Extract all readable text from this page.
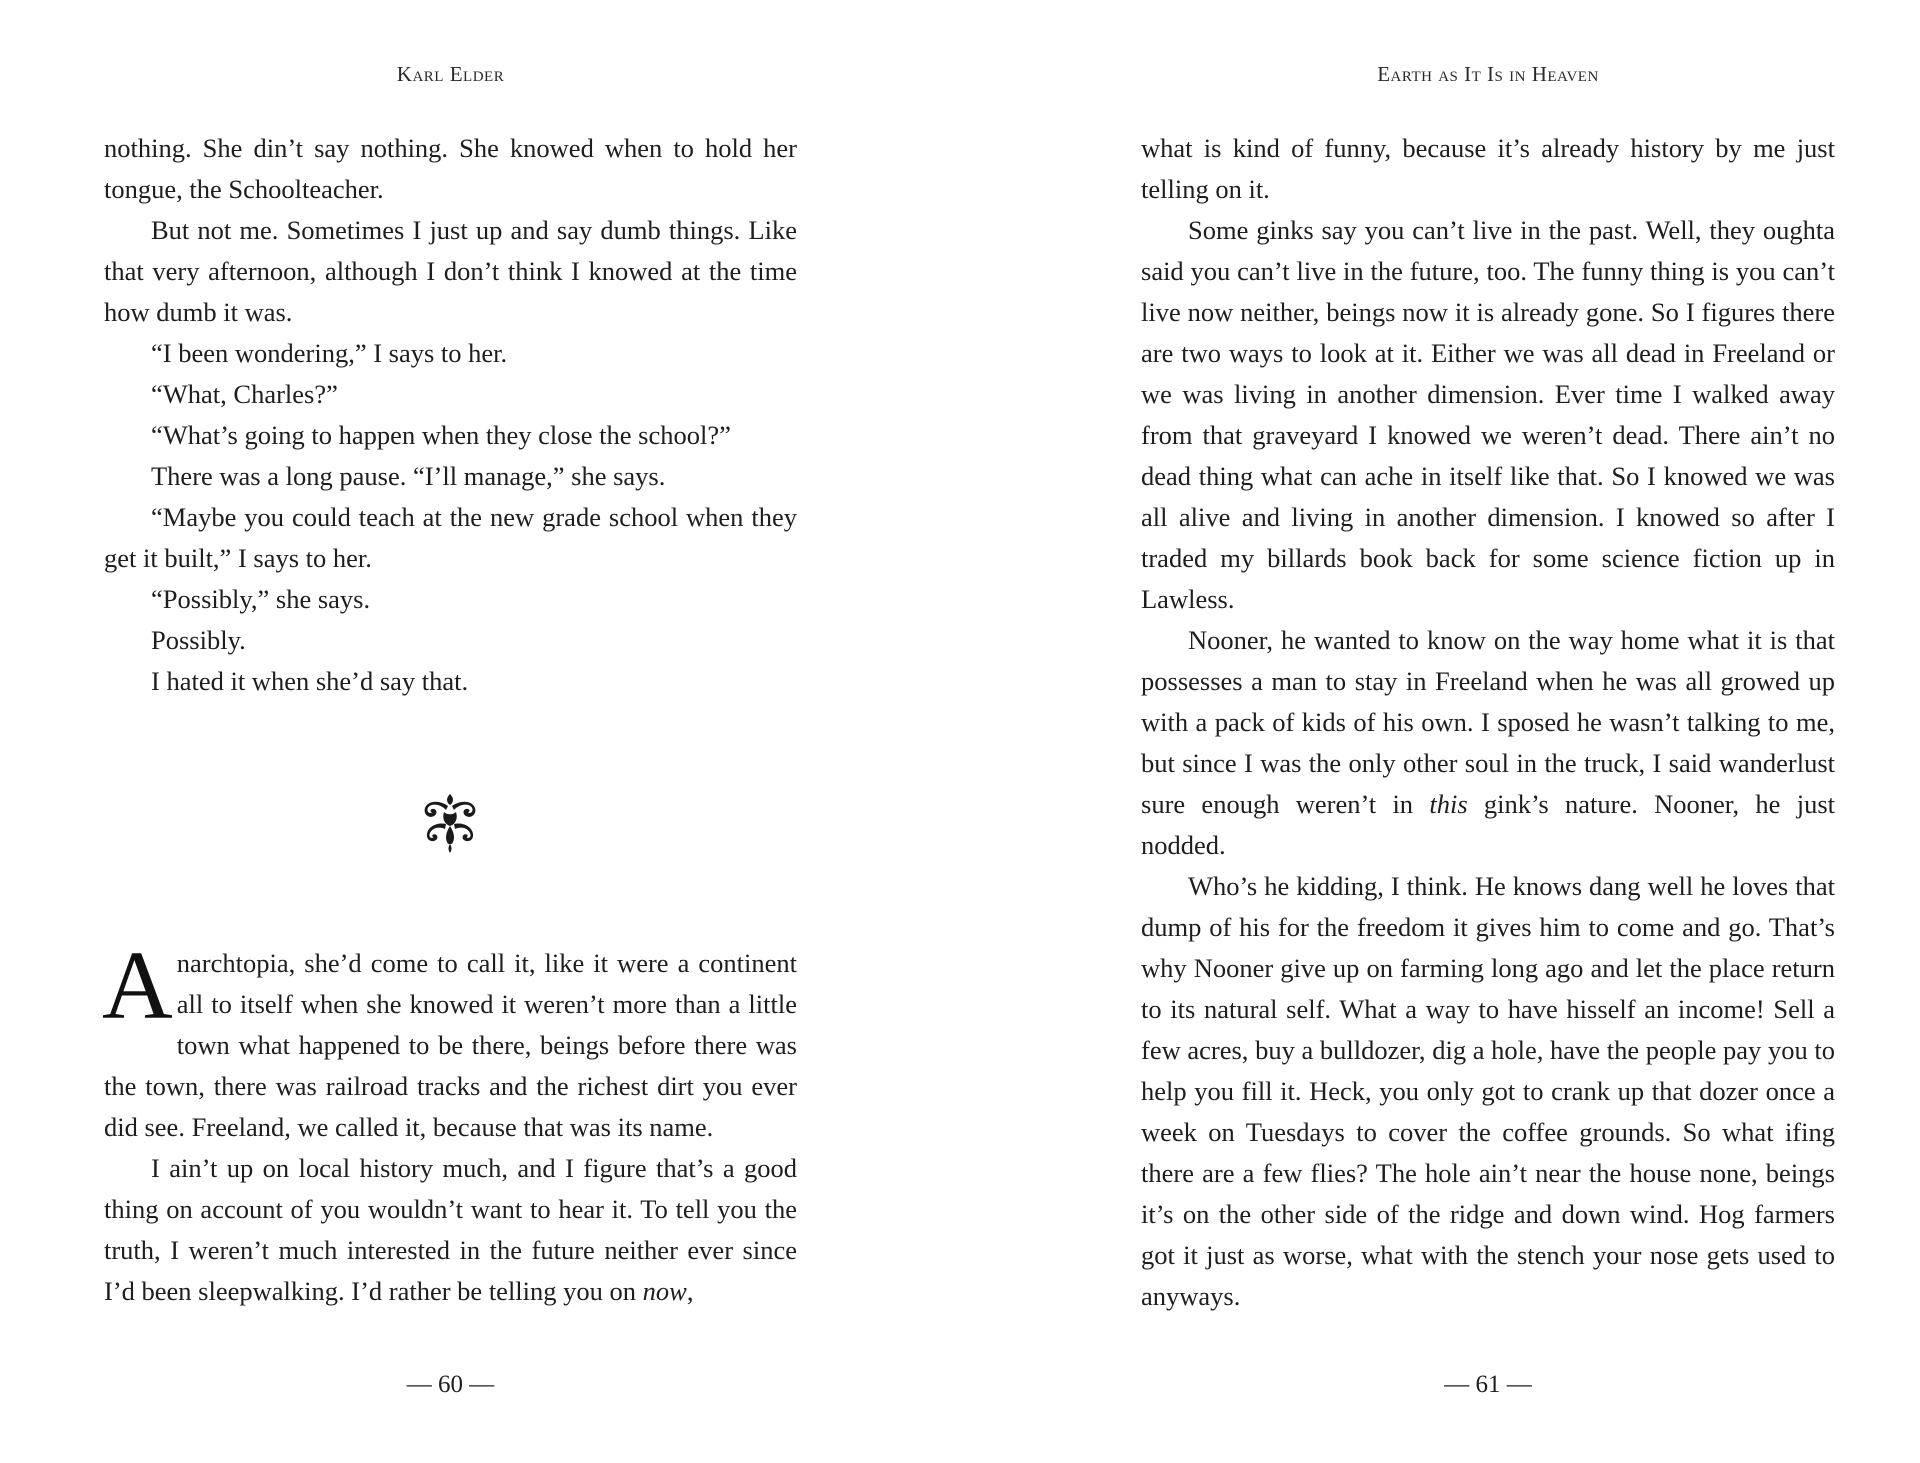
Karl Elder

nothing. She din’t say nothing. She knowed when to hold her tongue, the Schoolteacher.

But not me. Sometimes I just up and say dumb things. Like that very afternoon, although I don’t think I knowed at the time how dumb it was.

“I been wondering,” I says to her.

“What, Charles?”

“What’s going to happen when they close the school?”

There was a long pause. “I’ll manage,” she says.

“Maybe you could teach at the new grade school when they get it built,” I says to her.

“Possibly,” she says.

Possibly.

I hated it when she’d say that.

Anarchtopia, she’d come to call it, like it were a continent all to itself when she knowed it weren’t more than a little town what happened to be there, beings before there was the town, there was railroad tracks and the richest dirt you ever did see. Freeland, we called it, because that was its name.

I ain’t up on local history much, and I figure that’s a good thing on account of you wouldn’t want to hear it. To tell you the truth, I weren’t much interested in the future neither ever since I’d been sleepwalking. I’d rather be telling you on now,

— 60 —
Earth as It Is in Heaven

what is kind of funny, because it’s already history by me just telling on it.

Some ginks say you can’t live in the past. Well, they oughta said you can’t live in the future, too. The funny thing is you can’t live now neither, beings now it is already gone. So I figures there are two ways to look at it. Either we was all dead in Freeland or we was living in another dimension. Ever time I walked away from that graveyard I knowed we weren’t dead. There ain’t no dead thing what can ache in itself like that. So I knowed we was all alive and living in another dimension. I knowed so after I traded my billards book back for some science fiction up in Lawless.

Nooner, he wanted to know on the way home what it is that possesses a man to stay in Freeland when he was all growed up with a pack of kids of his own. I sposed he wasn’t talking to me, but since I was the only other soul in the truck, I said wanderlust sure enough weren’t in this gink’s nature. Nooner, he just nodded.

Who’s he kidding, I think. He knows dang well he loves that dump of his for the freedom it gives him to come and go. That’s why Nooner give up on farming long ago and let the place return to its natural self. What a way to have hisself an income! Sell a few acres, buy a bulldozer, dig a hole, have the people pay you to help you fill it. Heck, you only got to crank up that dozer once a week on Tuesdays to cover the coffee grounds. So what ifing there are a few flies? The hole ain’t near the house none, beings it’s on the other side of the ridge and down wind. Hog farmers got it just as worse, what with the stench your nose gets used to anyways.

— 61 —
